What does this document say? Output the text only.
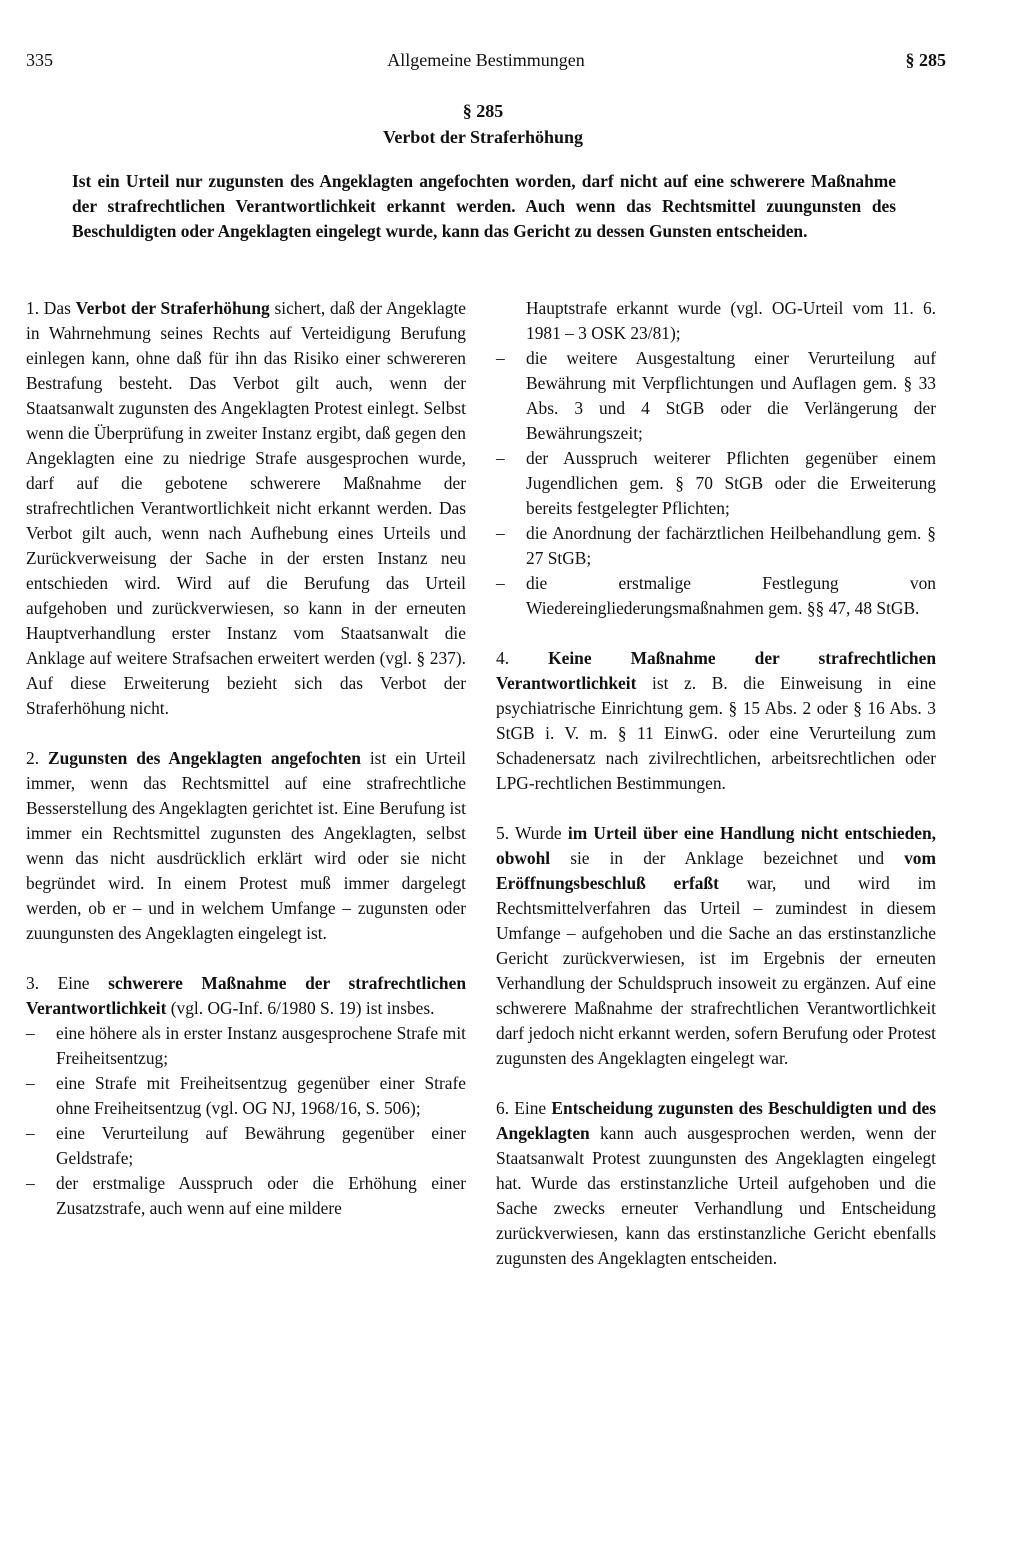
335	Allgemeine Bestimmungen	§ 285
§ 285
Verbot der Straferhöhung
Ist ein Urteil nur zugunsten des Angeklagten angefochten worden, darf nicht auf eine schwerere Maßnahme der strafrechtlichen Verantwortlichkeit erkannt werden. Auch wenn das Rechtsmittel zuungunsten des Beschuldigten oder Angeklagten eingelegt wurde, kann das Gericht zu dessen Gunsten entscheiden.

1. Das Verbot der Straferhöhung sichert, daß der Angeklagte in Wahrnehmung seines Rechts auf Verteidigung Berufung einlegen kann, ohne daß für ihn das Risiko einer schwereren Bestrafung besteht. Das Verbot gilt auch, wenn der Staatsanwalt zugunsten des Angeklagten Protest einlegt. Selbst wenn die Überprüfung in zweiter Instanz ergibt, daß gegen den Angeklagten eine zu niedrige Strafe ausgesprochen wurde, darf auf die gebotene schwerere Maßnahme der strafrechtlichen Verantwortlichkeit nicht erkannt werden. Das Verbot gilt auch, wenn nach Aufhebung eines Urteils und Zurückverweisung der Sache in der ersten Instanz neu entschieden wird. Wird auf die Berufung das Urteil aufgehoben und zurückverwiesen, so kann in der erneuten Hauptverhandlung erster Instanz vom Staatsanwalt die Anklage auf weitere Strafsachen erweitert werden (vgl. § 237). Auf diese Erweiterung bezieht sich das Verbot der Straferhöhung nicht.

2. Zugunsten des Angeklagten angefochten ist ein Urteil immer, wenn das Rechtsmittel auf eine strafrechtliche Besserstellung des Angeklagten gerichtet ist. Eine Berufung ist immer ein Rechtsmittel zugunsten des Angeklagten, selbst wenn das nicht ausdrücklich erklärt wird oder sie nicht begründet wird. In einem Protest muß immer dargelegt werden, ob er – und in welchem Umfange – zugunsten oder zuungunsten des Angeklagten eingelegt ist.

3. Eine schwerere Maßnahme der strafrechtlichen Verantwortlichkeit (vgl. OG-Inf. 6/1980 S. 19) ist insbes.

– eine höhere als in erster Instanz ausgesprochene Strafe mit Freiheitsentzug;
– eine Strafe mit Freiheitsentzug gegenüber einer Strafe ohne Freiheitsentzug (vgl. OG NJ, 1968/16, S. 506);
– eine Verurteilung auf Bewährung gegenüber einer Geldstrafe;
– der erstmalige Ausspruch oder die Erhöhung einer Zusatzstrafe, auch wenn auf eine mildere

Hauptstrafe erkannt wurde (vgl. OG-Urteil vom 11. 6. 1981 – 3 OSK 23/81);

– die weitere Ausgestaltung einer Verurteilung auf Bewährung mit Verpflichtungen und Auflagen gem. § 33 Abs. 3 und 4 StGB oder die Verlängerung der Bewährungszeit;
– der Ausspruch weiterer Pflichten gegenüber einem Jugendlichen gem. § 70 StGB oder die Erweiterung bereits festgelegter Pflichten;
– die Anordnung der fachärztlichen Heilbehandlung gem. § 27 StGB;
– die erstmalige Festlegung von Wiedereingliederungsmaßnahmen gem. §§ 47, 48 StGB.

4. Keine Maßnahme der strafrechtlichen Verantwortlichkeit ist z. B. die Einweisung in eine psychiatrische Einrichtung gem. § 15 Abs. 2 oder § 16 Abs. 3 StGB i. V. m. § 11 EinwG. oder eine Verurteilung zum Schadenersatz nach zivilrechtlichen, arbeitsrechtlichen oder LPG-rechtlichen Bestimmungen.

5. Wurde im Urteil über eine Handlung nicht entschieden, obwohl sie in der Anklage bezeichnet und vom Eröffnungsbeschluß erfaßt war, und wird im Rechtsmittelverfahren das Urteil – zumindest in diesem Umfange – aufgehoben und die Sache an das erstinstanzliche Gericht zurückverwiesen, ist im Ergebnis der erneuten Verhandlung der Schuldspruch insoweit zu ergänzen. Auf eine schwerere Maßnahme der strafrechtlichen Verantwortlichkeit darf jedoch nicht erkannt werden, sofern Berufung oder Protest zugunsten des Angeklagten eingelegt war.

6. Eine Entscheidung zugunsten des Beschuldigten und des Angeklagten kann auch ausgesprochen werden, wenn der Staatsanwalt Protest zuungunsten des Angeklagten eingelegt hat. Wurde das erstinstanzliche Urteil aufgehoben und die Sache zwecks erneuter Verhandlung und Entscheidung zurückverwiesen, kann das erstinstanzliche Gericht ebenfalls zugunsten des Angeklagten entscheiden.
